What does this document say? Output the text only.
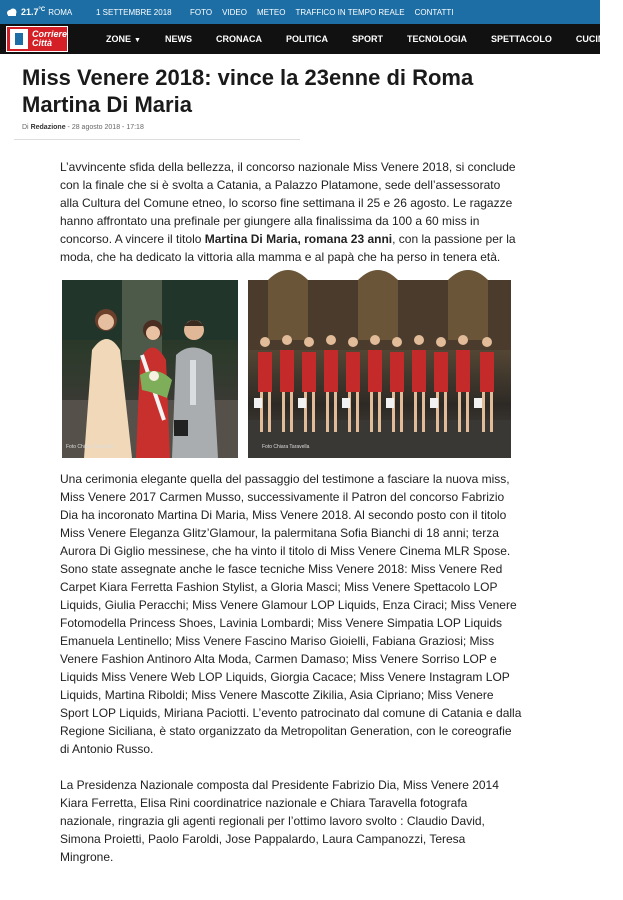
$21.7^{^\circ C}$ ROMA	1 SETTEMBRE 2018	FOTO VIDEO METEO TRAFFICO IN TEMPO REALE CONTATTI
Corriere
Città	ZONE ▼	NEWS	CRONACA	POLITICA	SPORT	TECNOLOGIA	SPETTACOLO	CUCINA
Miss Venere 2018: vince la 23enne di Roma Martina Di Maria
Di Redazione - 28 agosto 2018 - 17:18

L’avvincente sfida della bellezza, il concorso nazionale Miss Venere 2018, si conclude con la finale che si è svolta a Catania, a Palazzo Platamone, sede dell’assessorato alla Cultura del Comune etneo, lo scorso fine settimana il 25 e 26 agosto. Le ragazze hanno affrontato una prefinale per giungere alla finalissima da 100 a 60 miss in concorso. A vincere il titolo Martina Di Maria, romana 23 anni, con la passione per la moda, che ha dedicato la vittoria alla mamma e al papà che ha perso in tenera età.

Foto Chiara Taravella	Foto Chiara Taravella

Una cerimonia elegante quella del passaggio del testimone a fasciare la nuova miss, Miss Venere 2017 Carmen Musso, successivamente il Patron del concorso Fabrizio Dia ha incoronato Martina Di Maria, Miss Venere 2018. Al secondo posto con il titolo Miss Venere Eleganza Glitz’Glamour, la palermitana Sofia Bianchi di 18 anni; terza Aurora Di Giglio messinese, che ha vinto il titolo di Miss Venere Cinema MLR Spose. Sono state assegnate anche le fasce tecniche Miss Venere 2018: Miss Venere Red Carpet Kiara Ferretta Fashion Stylist, a Gloria Masci; Miss Venere Spettacolo LOP Liquids, Giulia Peracchi; Miss Venere Glamour LOP Liquids, Enza Ciraci; Miss Venere Fotomodella Princess Shoes, Lavinia Lombardi; Miss Venere Simpatia LOP Liquids Emanuela Lentinello; Miss Venere Fascino Mariso Gioielli, Fabiana Graziosi; Miss Venere Fashion Antinoro Alta Moda, Carmen Damaso; Miss Venere Sorriso LOP e Liquids Miss Venere Web LOP Liquids, Giorgia Cacace; Miss Venere Instagram LOP Liquids, Martina Riboldi; Miss Venere Mascotte Zikilia, Asia Cipriano; Miss Venere Sport LOP Liquids, Miriana Paciotti. L’evento patrocinato dal comune di Catania e dalla Regione Siciliana, è stato organizzato da Metropolitan Generation, con le coreografie di Antonio Russo.

La Presidenza Nazionale composta dal Presidente Fabrizio Dia, Miss Venere 2014 Kiara Ferretta, Elisa Rini coordinatrice nazionale e Chiara Taravella fotografa nazionale, ringrazia gli agenti regionali per l’ottimo lavoro svolto : Claudio David, Simona Proietti, Paolo Faroldi, Jose Pappalardo, Laura Campanozzi, Teresa Mingrone.
